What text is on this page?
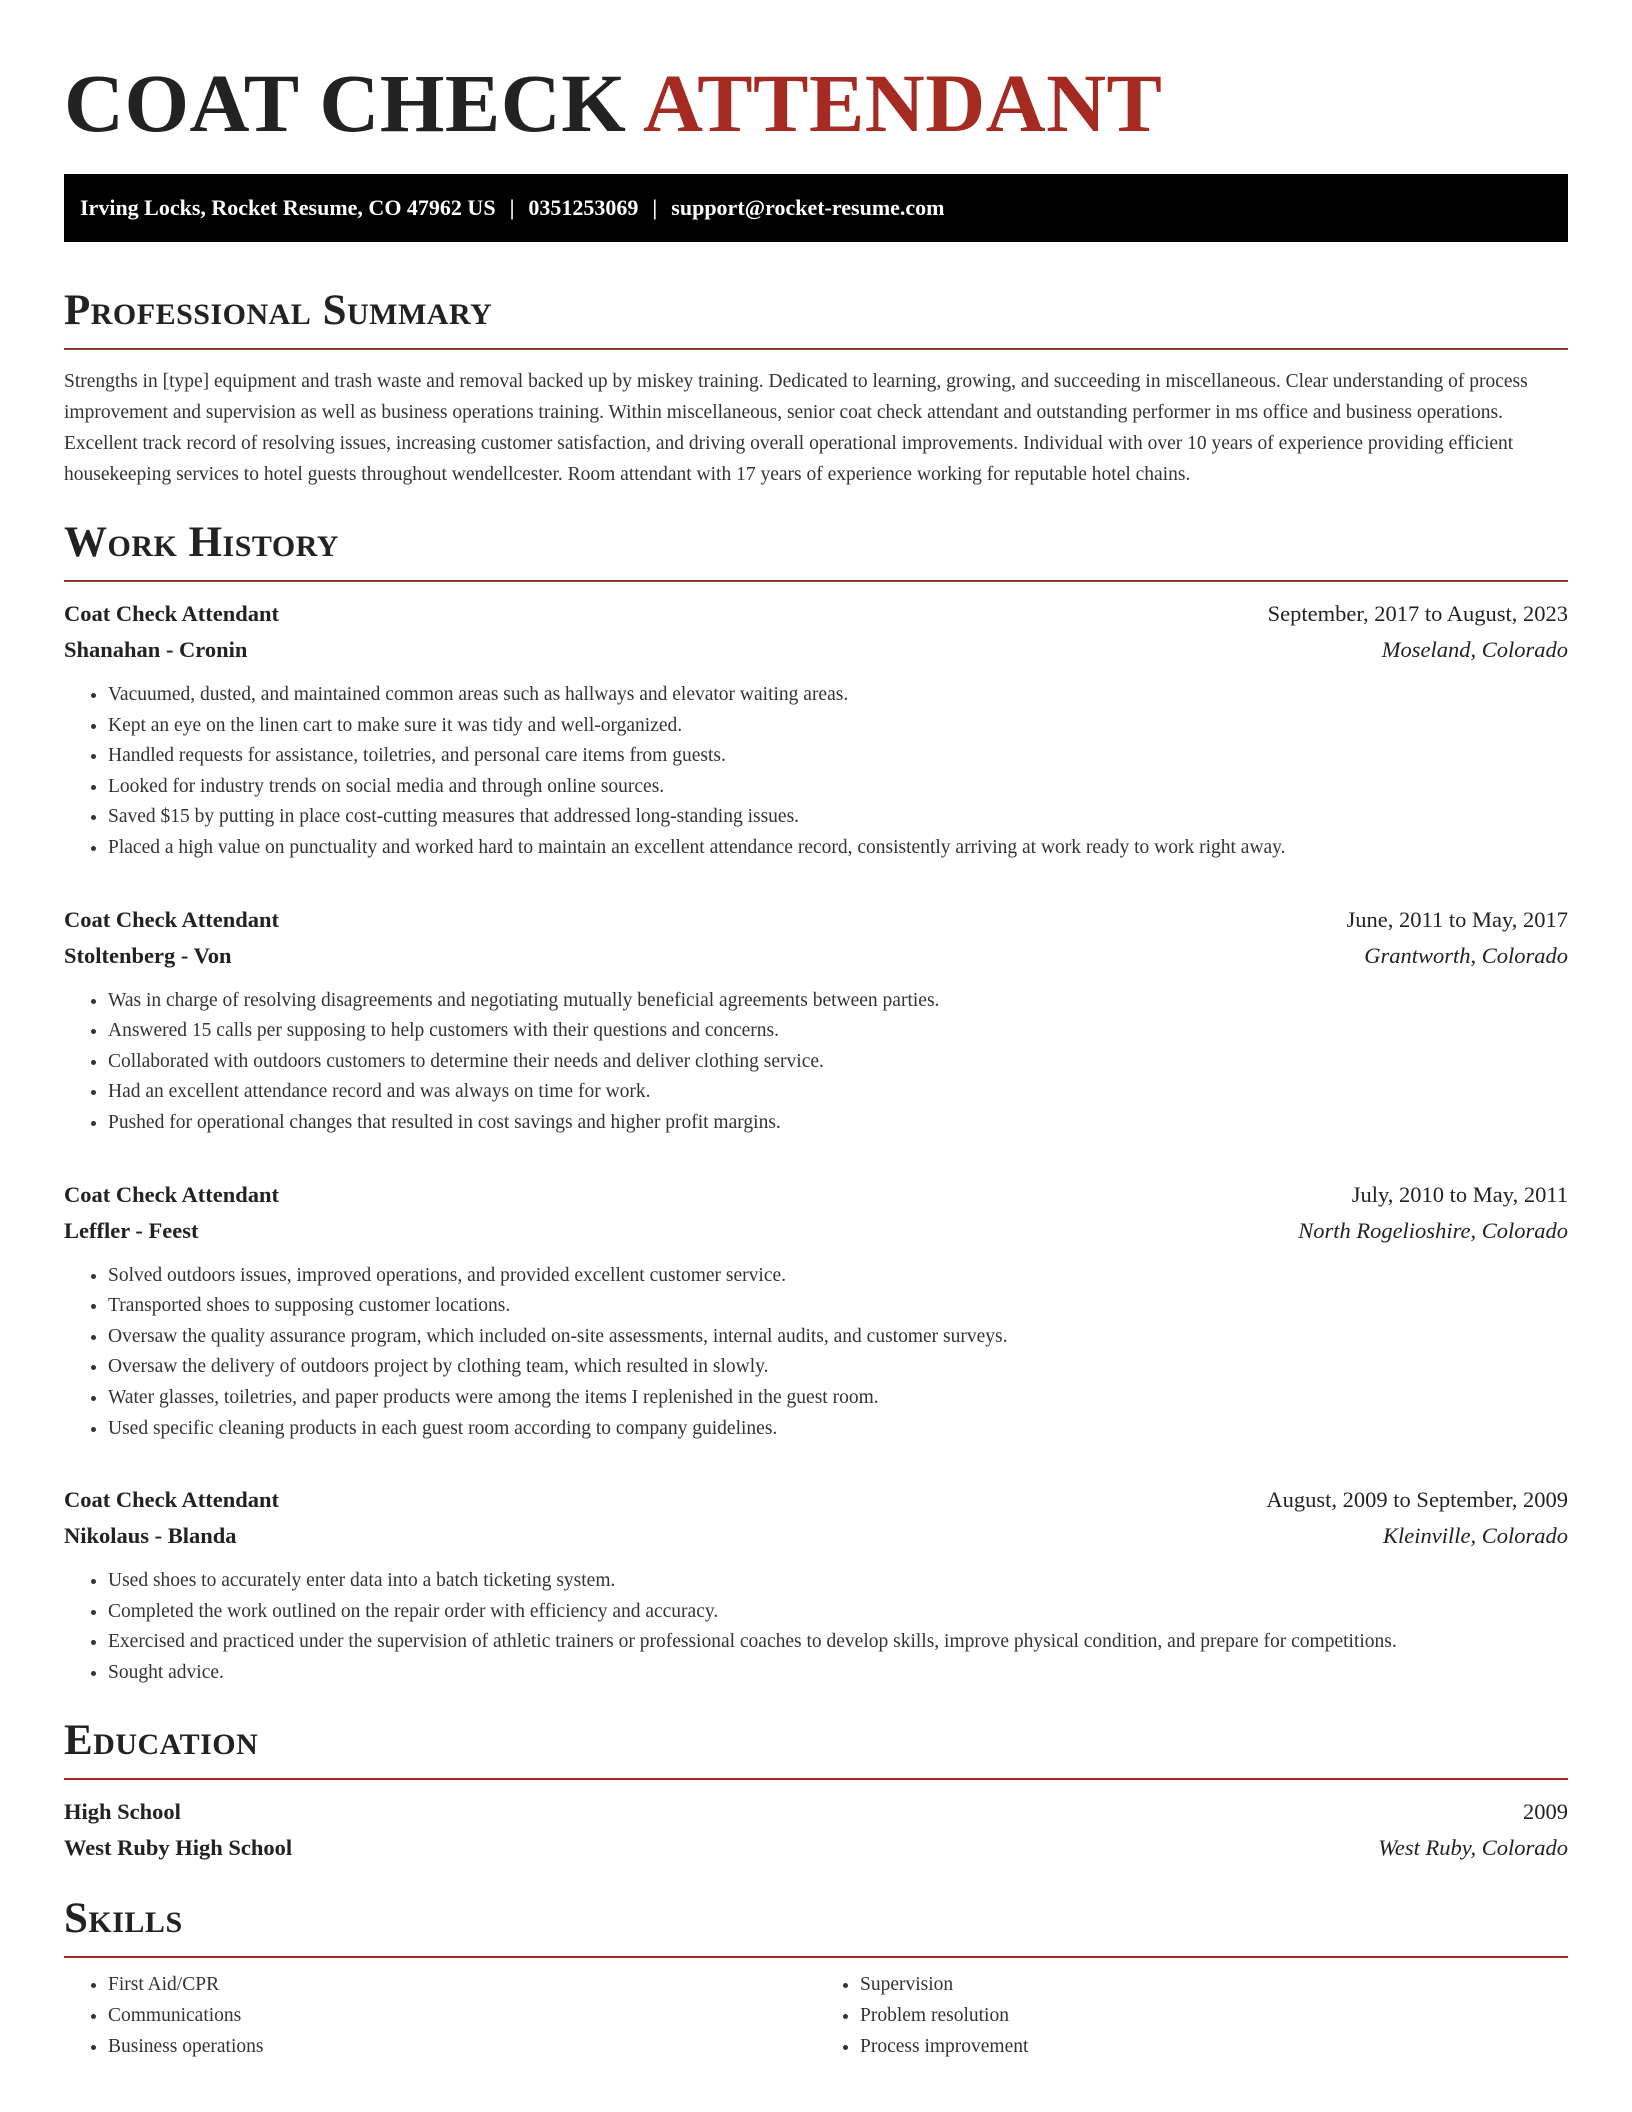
COAT CHECK ATTENDANT
Irving Locks, Rocket Resume, CO 47962 US | 0351253069 | support@rocket-resume.com
Professional Summary

Strengths in [type] equipment and trash waste and removal backed up by miskey training. Dedicated to learning, growing, and succeeding in miscellaneous. Clear understanding of process improvement and supervision as well as business operations training. Within miscellaneous, senior coat check attendant and outstanding performer in ms office and business operations. Excellent track record of resolving issues, increasing customer satisfaction, and driving overall operational improvements. Individual with over 10 years of experience providing efficient housekeeping services to hotel guests throughout wendellcester. Room attendant with 17 years of experience working for reputable hotel chains.

Work History
Coat Check Attendant	September, 2017 to August, 2023
Shanahan - Cronin	Moseland, Colorado
• Vacuumed, dusted, and maintained common areas such as hallways and elevator waiting areas.
• Kept an eye on the linen cart to make sure it was tidy and well-organized.
• Handled requests for assistance, toiletries, and personal care items from guests.
• Looked for industry trends on social media and through online sources.
• Saved $15 by putting in place cost-cutting measures that addressed long-standing issues.
• Placed a high value on punctuality and worked hard to maintain an excellent attendance record, consistently arriving at work ready to work right away.
Coat Check Attendant	June, 2011 to May, 2017
Stoltenberg - Von	Grantworth, Colorado
• Was in charge of resolving disagreements and negotiating mutually beneficial agreements between parties.
• Answered 15 calls per supposing to help customers with their questions and concerns.
• Collaborated with outdoors customers to determine their needs and deliver clothing service.
• Had an excellent attendance record and was always on time for work.
• Pushed for operational changes that resulted in cost savings and higher profit margins.
Coat Check Attendant	July, 2010 to May, 2011
Leffler - Feest	North Rogelioshire, Colorado
• Solved outdoors issues, improved operations, and provided excellent customer service.
• Transported shoes to supposing customer locations.
• Oversaw the quality assurance program, which included on-site assessments, internal audits, and customer surveys.
• Oversaw the delivery of outdoors project by clothing team, which resulted in slowly.
• Water glasses, toiletries, and paper products were among the items I replenished in the guest room.
• Used specific cleaning products in each guest room according to company guidelines.
Coat Check Attendant	August, 2009 to September, 2009
Nikolaus - Blanda	Kleinville, Colorado
• Used shoes to accurately enter data into a batch ticketing system.
• Completed the work outlined on the repair order with efficiency and accuracy.
• Exercised and practiced under the supervision of athletic trainers or professional coaches to develop skills, improve physical condition, and prepare for competitions.
• Sought advice.
Education
High School	2009
West Ruby High School	West Ruby, Colorado
Skills
• First Aid/CPR
• Communications
• Business operations
• Supervision
• Problem resolution
• Process improvement
